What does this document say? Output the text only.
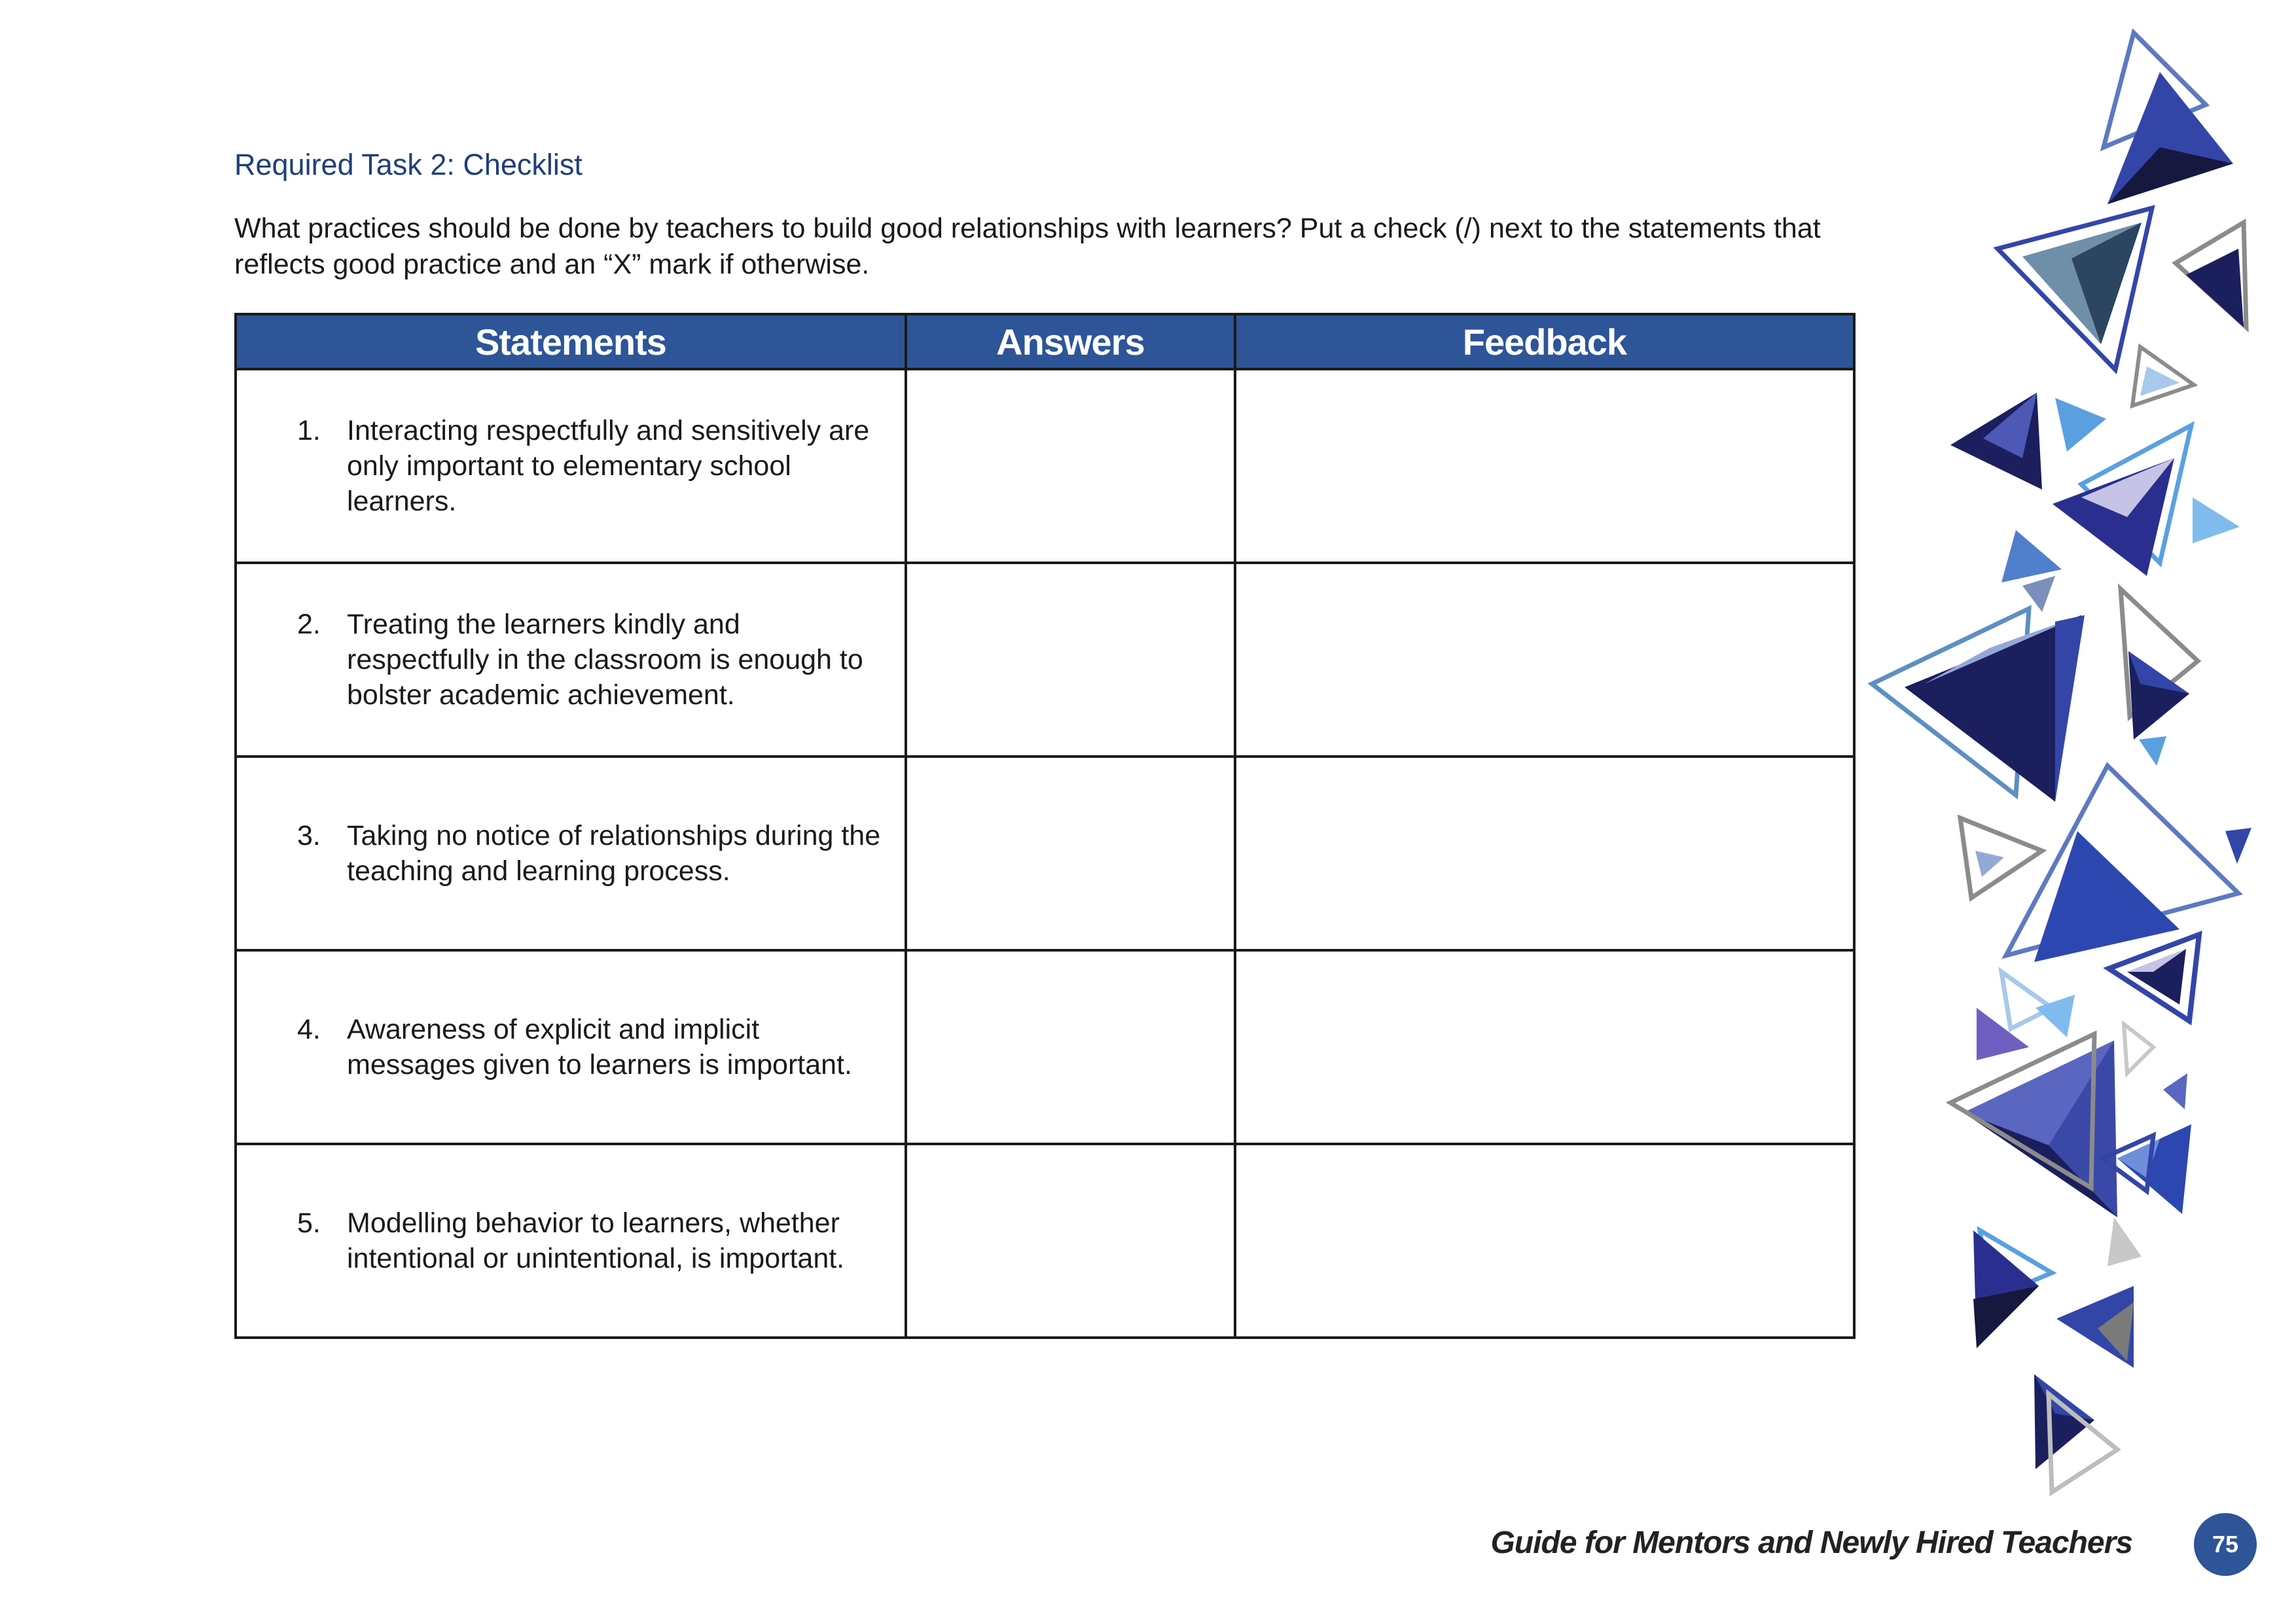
Required Task 2: Checklist

What practices should be done by teachers to build good relationships with learners? Put a check (/) next to the statements that reflects good practice and an “X” mark if otherwise.

Statements	Answers	Feedback

1. Interacting respectfully and sensitively are only important to elementary school learners.		

2. Treating the learners kindly and respectfully in the classroom is enough to bolster academic achievement.		

3. Taking no notice of relationships during the teaching and learning process.		

4. Awareness of explicit and implicit messages given to learners is important.		

5. Modelling behavior to learners, whether intentional or unintentional, is important.		

Guide for Mentors and Newly Hired Teachers	75
